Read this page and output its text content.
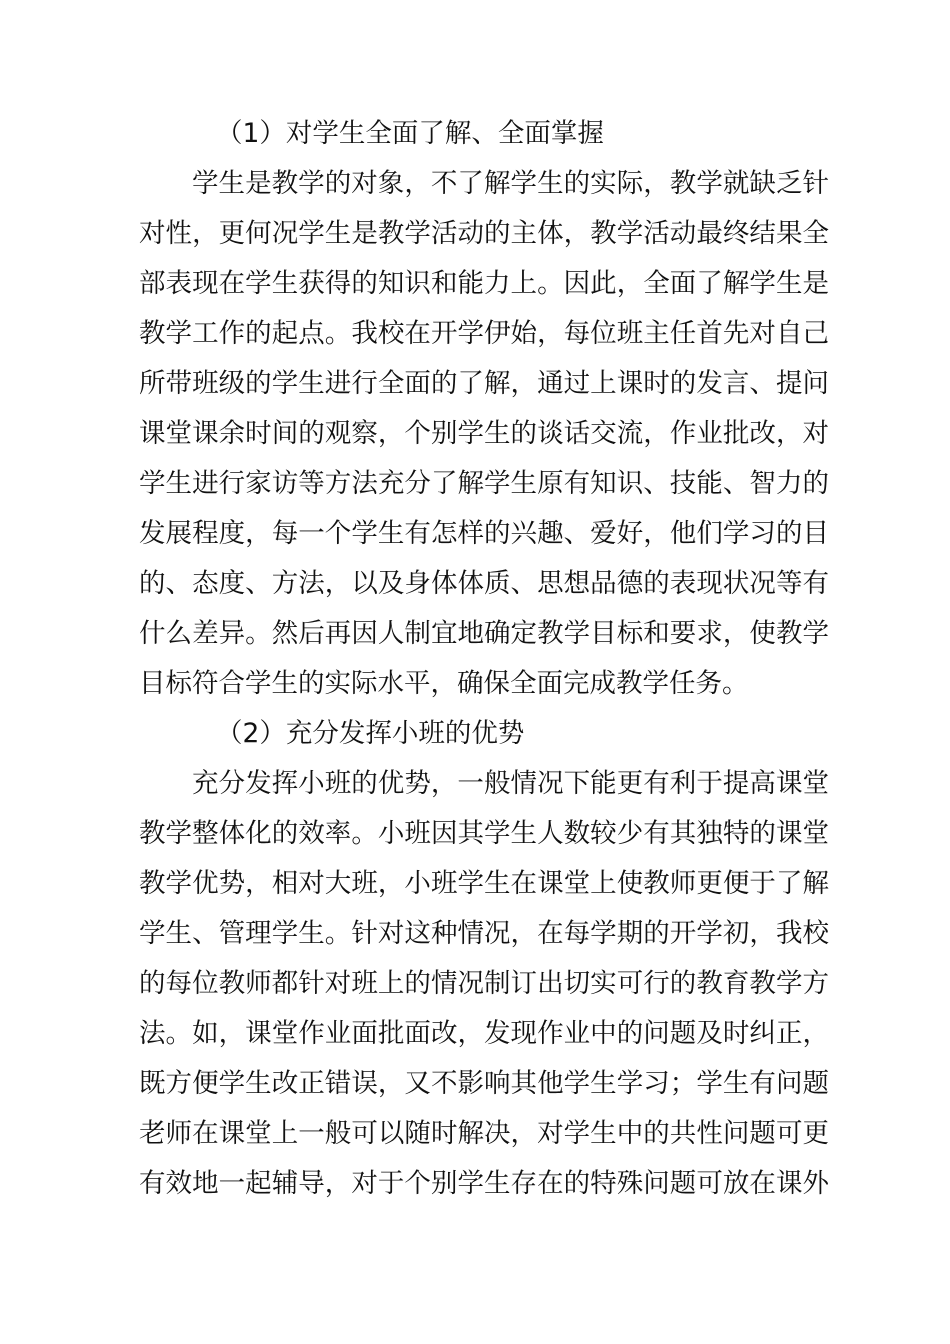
（1）对学生全面了解、全面掌握
学生是教学的对象，不了解学生的实际，教学就缺乏针
对性，更何况学生是教学活动的主体，教学活动最终结果全
部表现在学生获得的知识和能力上。因此，全面了解学生是
教学工作的起点。我校在开学伊始，每位班主任首先对自己
所带班级的学生进行全面的了解，通过上课时的发言、提问
课堂课余时间的观察，个别学生的谈话交流，作业批改，对
学生进行家访等方法充分了解学生原有知识、技能、智力的
发展程度，每一个学生有怎样的兴趣、爱好，他们学习的目
的、态度、方法，以及身体体质、思想品德的表现状况等有
什么差异。然后再因人制宜地确定教学目标和要求，使教学
目标符合学生的实际水平，确保全面完成教学任务。
（2）充分发挥小班的优势
充分发挥小班的优势，一般情况下能更有利于提高课堂
教学整体化的效率。小班因其学生人数较少有其独特的课堂
教学优势，相对大班，小班学生在课堂上使教师更便于了解
学生、管理学生。针对这种情况，在每学期的开学初，我校
的每位教师都针对班上的情况制订出切实可行的教育教学方
法。如，课堂作业面批面改，发现作业中的问题及时纠正，
既方便学生改正错误，又不影响其他学生学习；学生有问题
老师在课堂上一般可以随时解决，对学生中的共性问题可更
有效地一起辅导，对于个别学生存在的特殊问题可放在课外
